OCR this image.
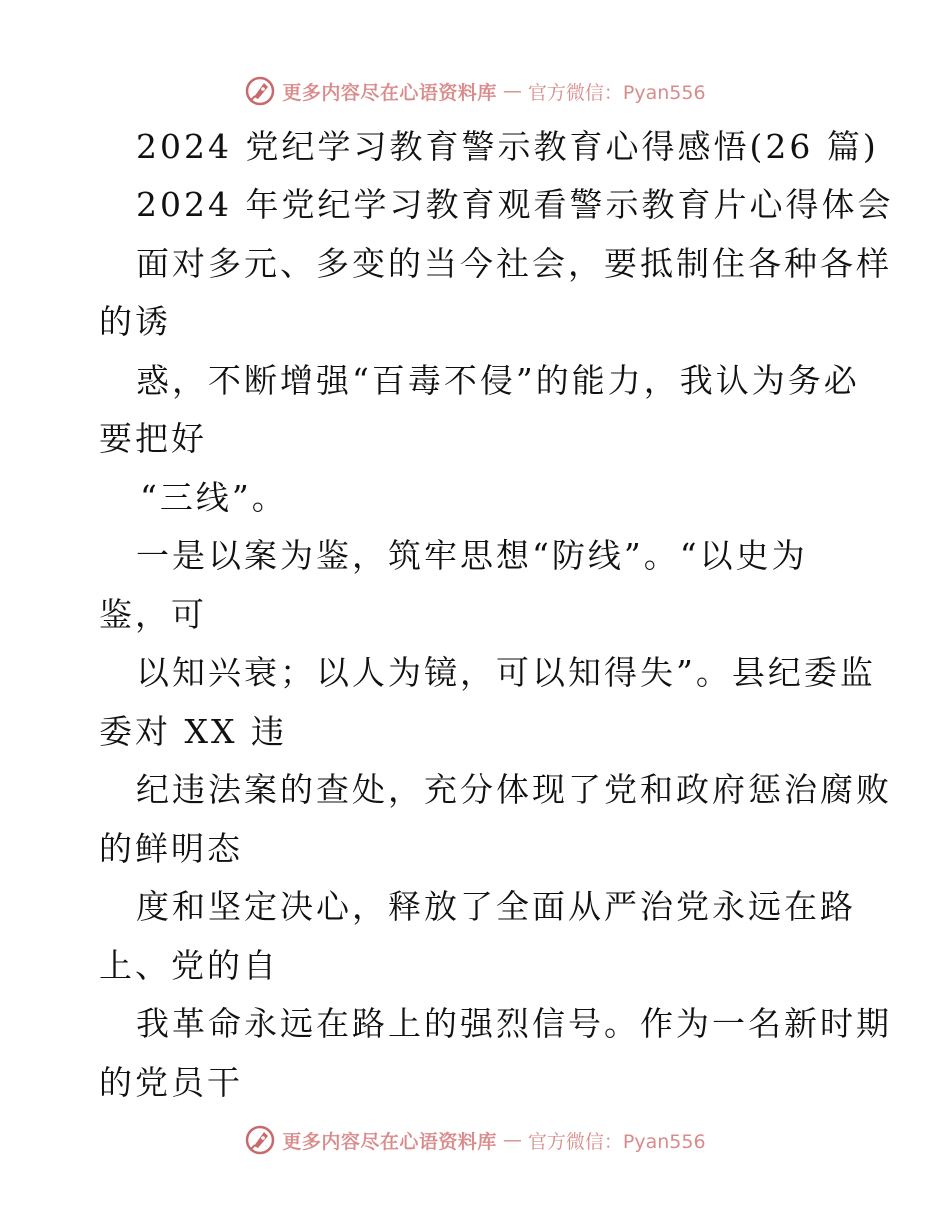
更多内容尽在心语资料库 — 官方微信：Pyan556
2024 党纪学习教育警示教育心得感悟(26 篇)
2024 年党纪学习教育观看警示教育片心得体会
面对多元、多变的当今社会，要抵制住各种各样
的诱
惑，不断增强“百毒不侵”的能力，我认为务必
要把好
“三线”。
一是以案为鉴，筑牢思想“防线”。“以史为
鉴，可
以知兴衰；以人为镜，可以知得失”。县纪委监
委对 XX 违
纪违法案的查处，充分体现了党和政府惩治腐败
的鲜明态
度和坚定决心，释放了全面从严治党永远在路
上、党的自
我革命永远在路上的强烈信号。作为一名新时期
的党员干
更多内容尽在心语资料库 — 官方微信：Pyan556
